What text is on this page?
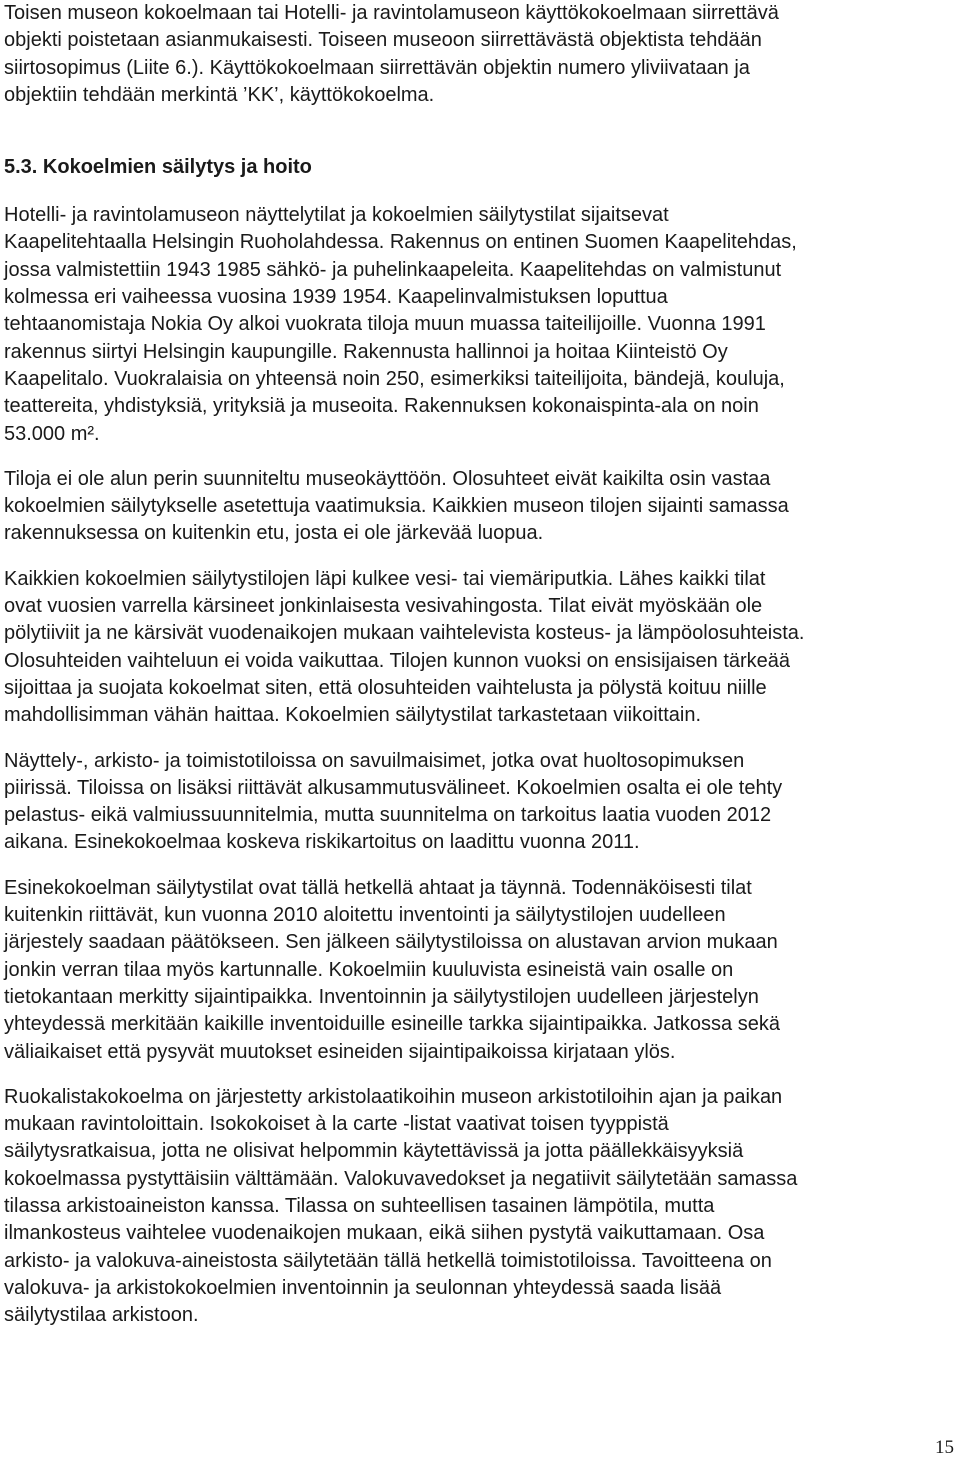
Toisen museon kokoelmaan tai Hotelli- ja ravintolamuseon käyttökokoelmaan siirrettävä
objekti poistetaan asianmukaisesti. Toiseen museoon siirrettävästä objektista tehdään
siirtosopimus (Liite 6.). Käyttökokoelmaan siirrettävän objektin numero yliviivataan ja
objektiin tehdään merkintä ’KK’, käyttökokoelma.

5.3. Kokoelmien säilytys ja hoito

Hotelli- ja ravintolamuseon näyttelytilat ja kokoelmien säilytystilat sijaitsevat
Kaapelitehtaalla Helsingin Ruoholahdessa. Rakennus on entinen Suomen Kaapelitehdas,
jossa valmistettiin 1943 1985 sähkö- ja puhelinkaapeleita. Kaapelitehdas on valmistunut
kolmessa eri vaiheessa vuosina 1939 1954. Kaapelinvalmistuksen loputtua
tehtaanomistaja Nokia Oy alkoi vuokrata tiloja muun muassa taiteilijoille. Vuonna 1991
rakennus siirtyi Helsingin kaupungille. Rakennusta hallinnoi ja hoitaa Kiinteistö Oy
Kaapelitalo. Vuokralaisia on yhteensä noin 250, esimerkiksi taiteilijoita, bändejä, kouluja,
teattereita, yhdistyksiä, yrityksiä ja museoita. Rakennuksen kokonaispinta-ala on noin
53.000 m².

Tiloja ei ole alun perin suunniteltu museokäyttöön. Olosuhteet eivät kaikilta osin vastaa
kokoelmien säilytykselle asetettuja vaatimuksia. Kaikkien museon tilojen sijainti samassa
rakennuksessa on kuitenkin etu, josta ei ole järkevää luopua.

Kaikkien kokoelmien säilytystilojen läpi kulkee vesi- tai viemäriputkia. Lähes kaikki tilat
ovat vuosien varrella kärsineet jonkinlaisesta vesivahingosta. Tilat eivät myöskään ole
pölytiiviit ja ne kärsivät vuodenaikojen mukaan vaihtelevista kosteus- ja lämpöolosuhteista.
Olosuhteiden vaihteluun ei voida vaikuttaa. Tilojen kunnon vuoksi on ensisijaisen tärkeää
sijoittaa ja suojata kokoelmat siten, että olosuhteiden vaihtelusta ja pölystä koituu niille
mahdollisimman vähän haittaa. Kokoelmien säilytystilat tarkastetaan viikoittain.

Näyttely-, arkisto- ja toimistotiloissa on savuilmaisimet, jotka ovat huoltosopimuksen
piirissä. Tiloissa on lisäksi riittävät alkusammutusvälineet. Kokoelmien osalta ei ole tehty
pelastus- eikä valmiussuunnitelmia, mutta suunnitelma on tarkoitus laatia vuoden 2012
aikana. Esinekokoelmaa koskeva riskikartoitus on laadittu vuonna 2011.

Esinekokoelman säilytystilat ovat tällä hetkellä ahtaat ja täynnä. Todennäköisesti tilat
kuitenkin riittävät, kun vuonna 2010 aloitettu inventointi ja säilytystilojen uudelleen
järjestely saadaan päätökseen. Sen jälkeen säilytystiloissa on alustavan arvion mukaan
jonkin verran tilaa myös kartunnalle. Kokoelmiin kuuluvista esineistä vain osalle on
tietokantaan merkitty sijaintipaikka. Inventoinnin ja säilytystilojen uudelleen järjestelyn
yhteydessä merkitään kaikille inventoiduille esineille tarkka sijaintipaikka. Jatkossa sekä
väliaikaiset että pysyvät muutokset esineiden sijaintipaikoissa kirjataan ylös.

Ruokalistakokoelma on järjestetty arkistolaatikoihin museon arkistotiloihin ajan ja paikan
mukaan ravintoloittain. Isokokoiset à la carte -listat vaativat toisen tyyppistä
säilytysratkaisua, jotta ne olisivat helpommin käytettävissä ja jotta päällekkäisyyksiä
kokoelmassa pystyttäisiin välttämään. Valokuvavedokset ja negatiivit säilytetään samassa
tilassa arkistoaineiston kanssa. Tilassa on suhteellisen tasainen lämpötila, mutta
ilmankosteus vaihtelee vuodenaikojen mukaan, eikä siihen pystytä vaikuttamaan. Osa
arkisto- ja valokuva-aineistosta säilytetään tällä hetkellä toimistotiloissa. Tavoitteena on
valokuva- ja arkistokokoelmien inventoinnin ja seulonnan yhteydessä saada lisää
säilytystilaa arkistoon.

15
